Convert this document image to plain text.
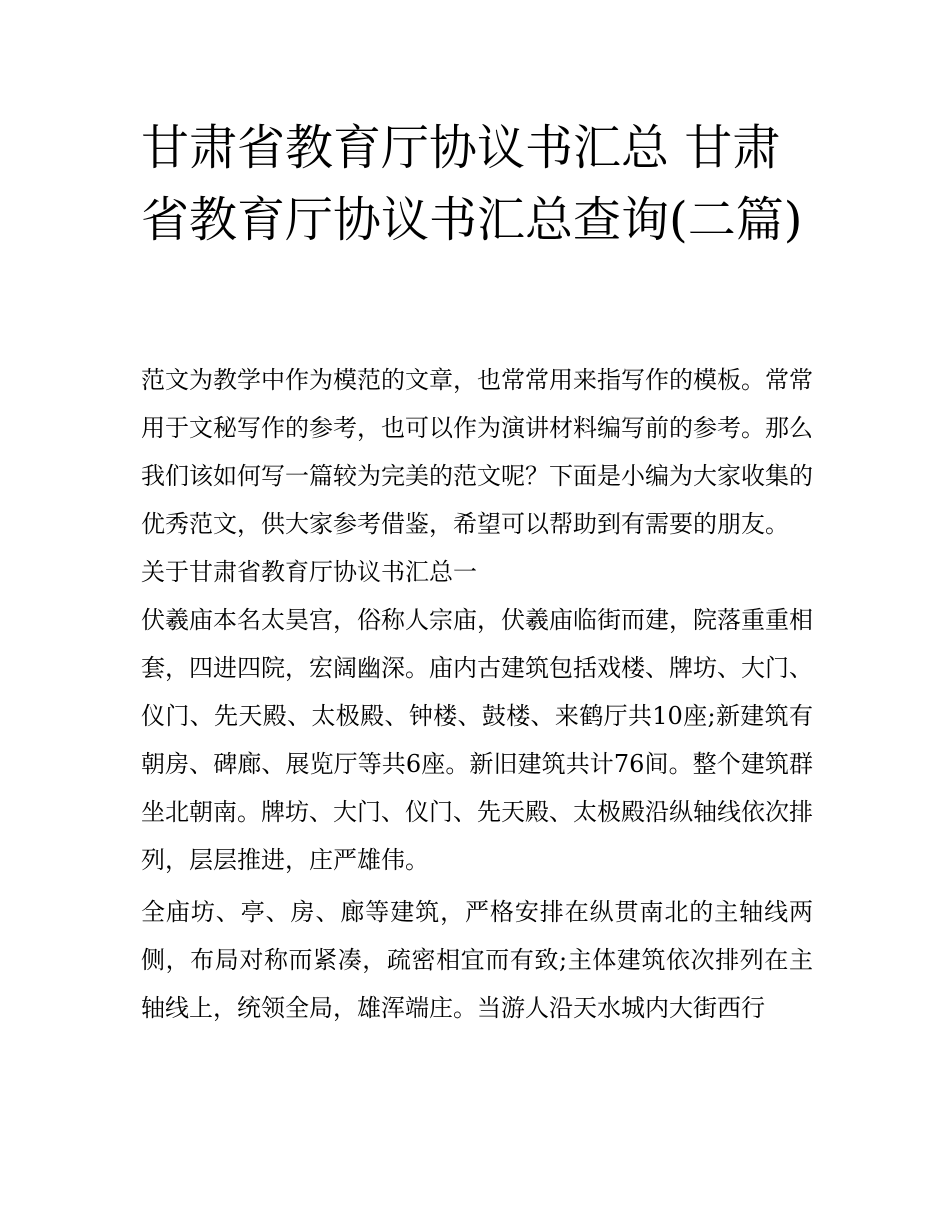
甘肃省教育厅协议书汇总 甘肃省教育厅协议书汇总查询(二篇)

范文为教学中作为模范的文章，也常常用来指写作的模板。常常用于文秘写作的参考，也可以作为演讲材料编写前的参考。那么我们该如何写一篇较为完美的范文呢？下面是小编为大家收集的优秀范文，供大家参考借鉴，希望可以帮助到有需要的朋友。

关于甘肃省教育厅协议书汇总一

伏羲庙本名太昊宫，俗称人宗庙，伏羲庙临街而建，院落重重相套，四进四院，宏阔幽深。庙内古建筑包括戏楼、牌坊、大门、仪门、先天殿、太极殿、钟楼、鼓楼、来鹤厅共10座;新建筑有朝房、碑廊、展览厅等共6座。新旧建筑共计76间。整个建筑群坐北朝南。牌坊、大门、仪门、先天殿、太极殿沿纵轴线依次排列，层层推进，庄严雄伟。

全庙坊、亭、房、廊等建筑，严格安排在纵贯南北的主轴线两侧，布局对称而紧凑，疏密相宜而有致;主体建筑依次排列在主轴线上，统领全局，雄浑端庄。当游人沿天水城内大街西行
